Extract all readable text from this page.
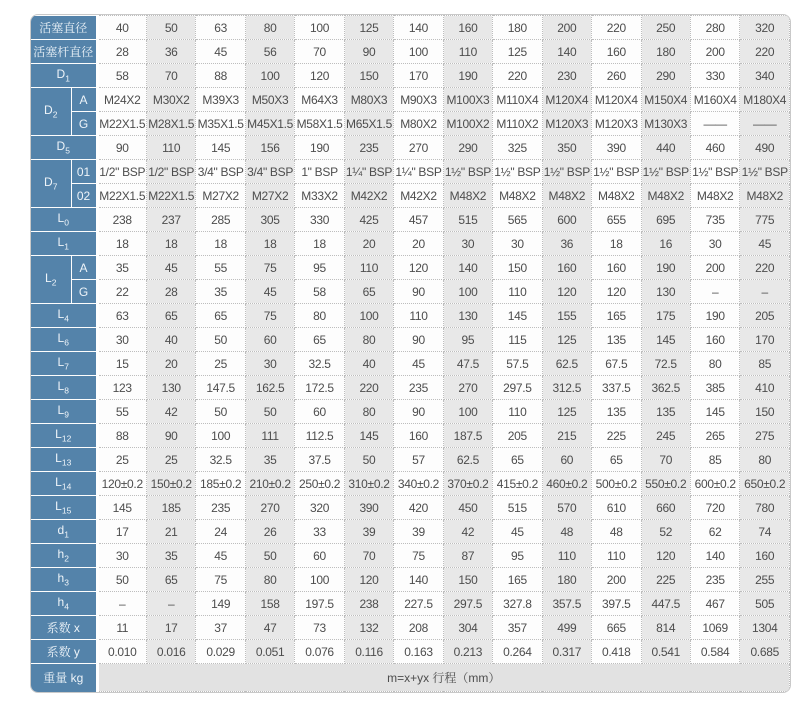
活塞直径		40	50	63	80	100	125	140	160	180	200	220	250	280	320
活塞杆直径		28	36	45	56	70	90	100	110	125	140	160	180	200	220
$D_1$		58	70	88	100	120	150	170	190	220	230	260	290	330	340
$D_2$	A	M24X2	M30X2	M39X3	M50X3	M64X3	M80X3	M90X3	M100X3	M110X4	M120X4	M120X4	M150X4	M160X4	M180X4
	G	M22X1.5	M28X1.5	M35X1.5	M45X1.5	M58X1.5	M65X1.5	M80X2	M100X2	M110X2	M120X3	M120X3	M130X3	——	——
$D_5$		90	110	145	156	190	235	270	290	325	350	390	440	460	490
$D_7$	01	1/2" BSP	1/2" BSP	3/4" BSP	3/4" BSP	1" BSP	1¼" BSP	1¼" BSP	1½" BSP	1½" BSP	1½" BSP	1½" BSP	1½" BSP	1½" BSP	1½" BSP
	02	M22X1.5	M22X1.5	M27X2	M27X2	M33X2	M42X2	M42X2	M48X2	M48X2	M48X2	M48X2	M48X2	M48X2	M48X2
$L_0$		238	237	285	305	330	425	457	515	565	600	655	695	735	775
$L_1$		18	18	18	18	18	20	20	30	30	36	18	16	30	45
$L_2$	A	35	45	55	75	95	110	120	140	150	160	160	190	200	220
	G	22	28	35	45	58	65	90	100	110	120	120	130	–	–
$L_4$		63	65	65	75	80	100	110	130	145	155	165	175	190	205
$L_6$		30	40	50	60	65	80	90	95	115	125	135	145	160	170
$L_7$		15	20	25	30	32.5	40	45	47.5	57.5	62.5	67.5	72.5	80	85
$L_8$		123	130	147.5	162.5	172.5	220	235	270	297.5	312.5	337.5	362.5	385	410
$L_9$		55	42	50	50	60	80	90	100	110	125	135	135	145	150
$L_{12}$		88	90	100	111	112.5	145	160	187.5	205	215	225	245	265	275
$L_{13}$		25	25	32.5	35	37.5	50	57	62.5	65	60	65	70	85	80
$L_{14}$		120±0.2	150±0.2	185±0.2	210±0.2	250±0.2	310±0.2	340±0.2	370±0.2	415±0.2	460±0.2	500±0.2	550±0.2	600±0.2	650±0.2
$L_{15}$		145	185	235	270	320	390	420	450	515	570	610	660	720	780
$d_1$		17	21	24	26	33	39	39	42	45	48	48	52	62	74
$h_2$		30	35	45	50	60	70	75	87	95	110	110	120	140	160
$h_3$		50	65	75	80	100	120	140	150	165	180	200	225	235	255
$h_4$		–	–	149	158	197.5	238	227.5	297.5	327.8	357.5	397.5	447.5	467	505
系数 x		11	17	37	47	73	132	208	304	357	499	665	814	1069	1304
系数 y		0.010	0.016	0.029	0.051	0.076	0.116	0.163	0.213	0.264	0.317	0.418	0.541	0.584	0.685
重量 kg		m=x+yx 行程（mm）													
